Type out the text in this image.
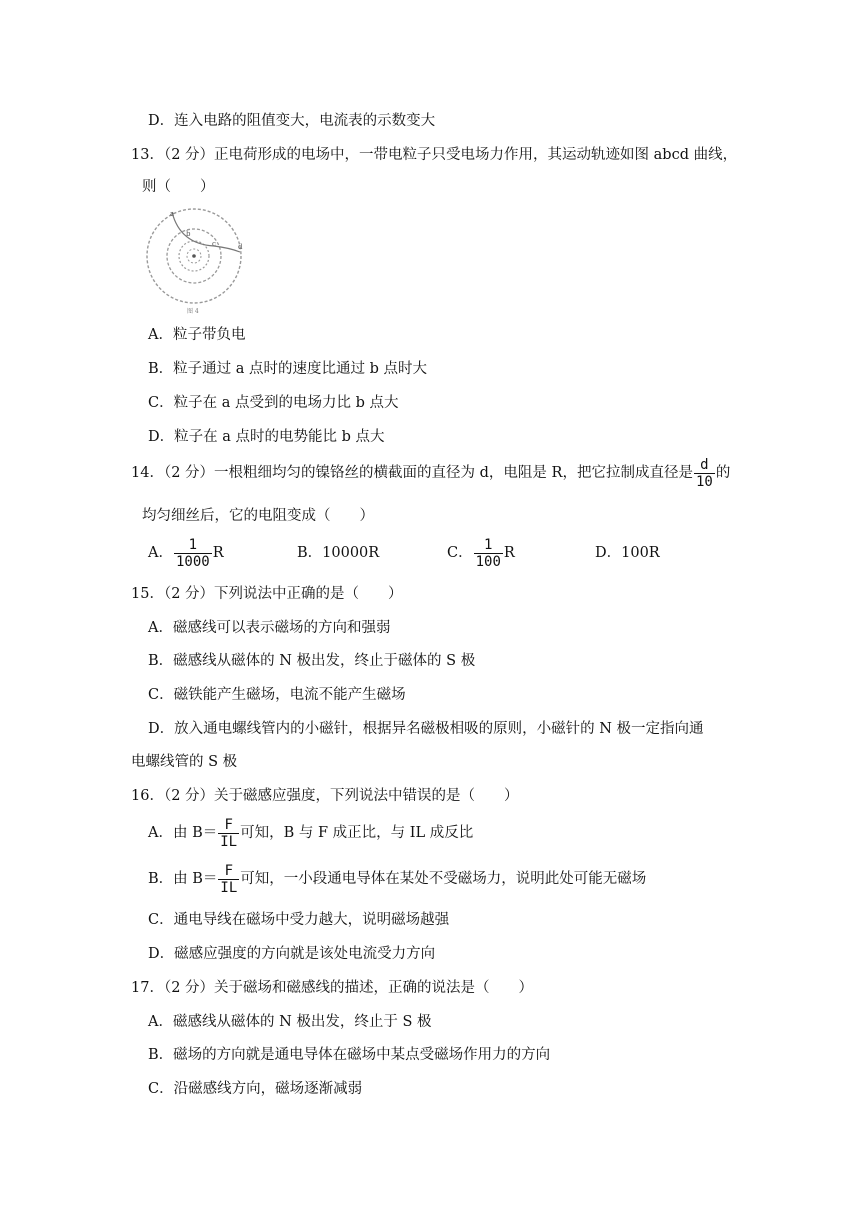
D．连入电路的阻值变大，电流表的示数变大
13．（2 分）正电荷形成的电场中，一带电粒子只受电场力作用，其运动轨迹如图 abcd 曲线，
则（　　）
a
b
c	d
图 4
A．粒子带负电
B．粒子通过 a 点时的速度比通过 b 点时大
C．粒子在 a 点受到的电场力比 b 点大
D．粒子在 a 点时的电势能比 b 点大
14．（2 分）一根粗细均匀的镍铬丝的横截面的直径为 d，电阻是 R，把它拉制成直径是 $\frac{d}{10}$ 的
均匀细丝后，它的电阻变成（　　）
A． $\frac{1}{1000}$ R	B．10000R	C． $\frac{1}{100}$ R	D．100R
15．（2 分）下列说法中正确的是（　　）
A．磁感线可以表示磁场的方向和强弱
B．磁感线从磁体的 N 极出发，终止于磁体的 S 极
C．磁铁能产生磁场，电流不能产生磁场
D．放入通电螺线管内的小磁针，根据异名磁极相吸的原则，小磁针的 N 极一定指向通
电螺线管的 S 极
16．（2 分）关于磁感应强度，下列说法中错误的是（　　）
A．由 $B= \frac{F}{IL}$ 可知，B 与 F 成正比，与 IL 成反比
B．由 $B= \frac{F}{IL}$ 可知，一小段通电导体在某处不受磁场力，说明此处可能无磁场
C．通电导线在磁场中受力越大，说明磁场越强
D．磁感应强度的方向就是该处电流受力方向
17．（2 分）关于磁场和磁感线的描述，正确的说法是（　　）
A．磁感线从磁体的 N 极出发，终止于 S 极
B．磁场的方向就是通电导体在磁场中某点受磁场作用力的方向
C．沿磁感线方向，磁场逐渐减弱
